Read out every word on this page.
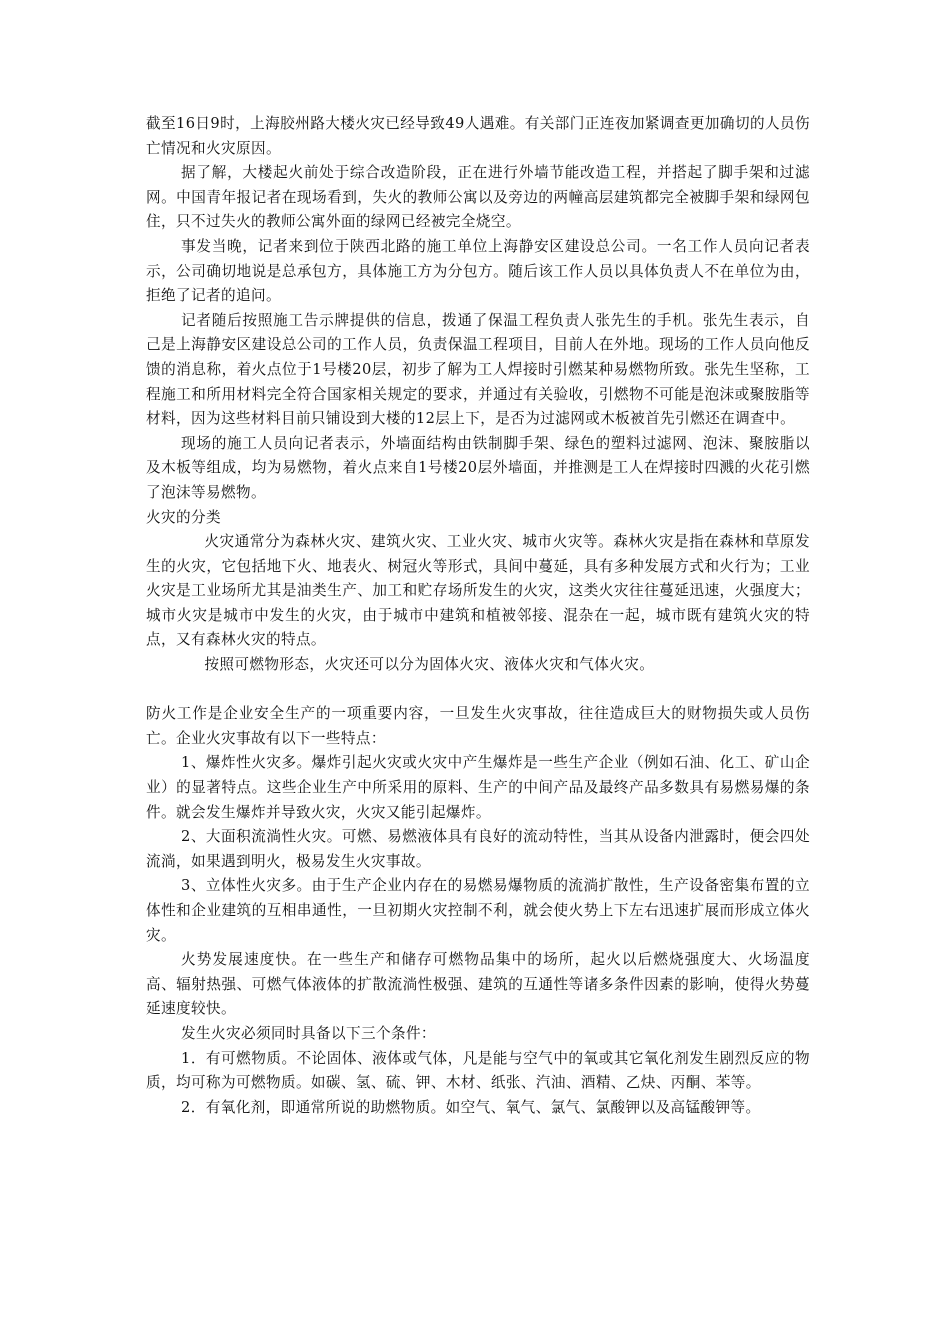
截至16日9时，上海胶州路大楼火灾已经导致49人遇难。有关部门正连夜加紧调查更加确切的人员伤亡情况和火灾原因。

据了解，大楼起火前处于综合改造阶段，正在进行外墙节能改造工程，并搭起了脚手架和过滤网。中国青年报记者在现场看到，失火的教师公寓以及旁边的两幢高层建筑都完全被脚手架和绿网包住，只不过失火的教师公寓外面的绿网已经被完全烧空。

事发当晚，记者来到位于陕西北路的施工单位上海静安区建设总公司。一名工作人员向记者表示，公司确切地说是总承包方，具体施工方为分包方。随后该工作人员以具体负责人不在单位为由，拒绝了记者的追问。

记者随后按照施工告示牌提供的信息，拨通了保温工程负责人张先生的手机。张先生表示，自己是上海静安区建设总公司的工作人员，负责保温工程项目，目前人在外地。现场的工作人员向他反馈的消息称，着火点位于1号楼20层，初步了解为工人焊接时引燃某种易燃物所致。张先生坚称，工程施工和所用材料完全符合国家相关规定的要求，并通过有关验收，引燃物不可能是泡沫或聚胺脂等材料，因为这些材料目前只铺设到大楼的12层上下，是否为过滤网或木板被首先引燃还在调查中。

现场的施工人员向记者表示，外墙面结构由铁制脚手架、绿色的塑料过滤网、泡沫、聚胺脂以及木板等组成，均为易燃物，着火点来自1号楼20层外墙面，并推测是工人在焊接时四溅的火花引燃了泡沫等易燃物。

火灾的分类

火灾通常分为森林火灾、建筑火灾、工业火灾、城市火灾等。森林火灾是指在森林和草原发生的火灾，它包括地下火、地表火、树冠火等形式，具间中蔓延，具有多种发展方式和火行为；工业火灾是工业场所尤其是油类生产、加工和贮存场所发生的火灾，这类火灾往往蔓延迅速，火强度大；城市火灾是城市中发生的火灾，由于城市中建筑和植被邻接、混杂在一起，城市既有建筑火灾的特点，又有森林火灾的特点。

按照可燃物形态，火灾还可以分为固体火灾、液体火灾和气体火灾。

防火工作是企业安全生产的一项重要内容，一旦发生火灾事故，往往造成巨大的财物损失或人员伤亡。企业火灾事故有以下一些特点：

1、爆炸性火灾多。爆炸引起火灾或火灾中产生爆炸是一些生产企业（例如石油、化工、矿山企业）的显著特点。这些企业生产中所采用的原料、生产的中间产品及最终产品多数具有易燃易爆的条件。就会发生爆炸并导致火灾，火灾又能引起爆炸。

2、大面积流淌性火灾。可燃、易燃液体具有良好的流动特性，当其从设备内泄露时，便会四处流淌，如果遇到明火，极易发生火灾事故。

3、立体性火灾多。由于生产企业内存在的易燃易爆物质的流淌扩散性，生产设备密集布置的立体性和企业建筑的互相串通性，一旦初期火灾控制不利，就会使火势上下左右迅速扩展而形成立体火灾。

火势发展速度快。在一些生产和储存可燃物品集中的场所，起火以后燃烧强度大、火场温度高、辐射热强、可燃气体液体的扩散流淌性极强、建筑的互通性等诸多条件因素的影响，使得火势蔓延速度较快。

发生火灾必须同时具备以下三个条件：

1．有可燃物质。不论固体、液体或气体，凡是能与空气中的氧或其它氧化剂发生剧烈反应的物质，均可称为可燃物质。如碳、氢、硫、钾、木材、纸张、汽油、酒精、乙炔、丙酮、苯等。

2．有氧化剂，即通常所说的助燃物质。如空气、氧气、氯气、氯酸钾以及高锰酸钾等。
